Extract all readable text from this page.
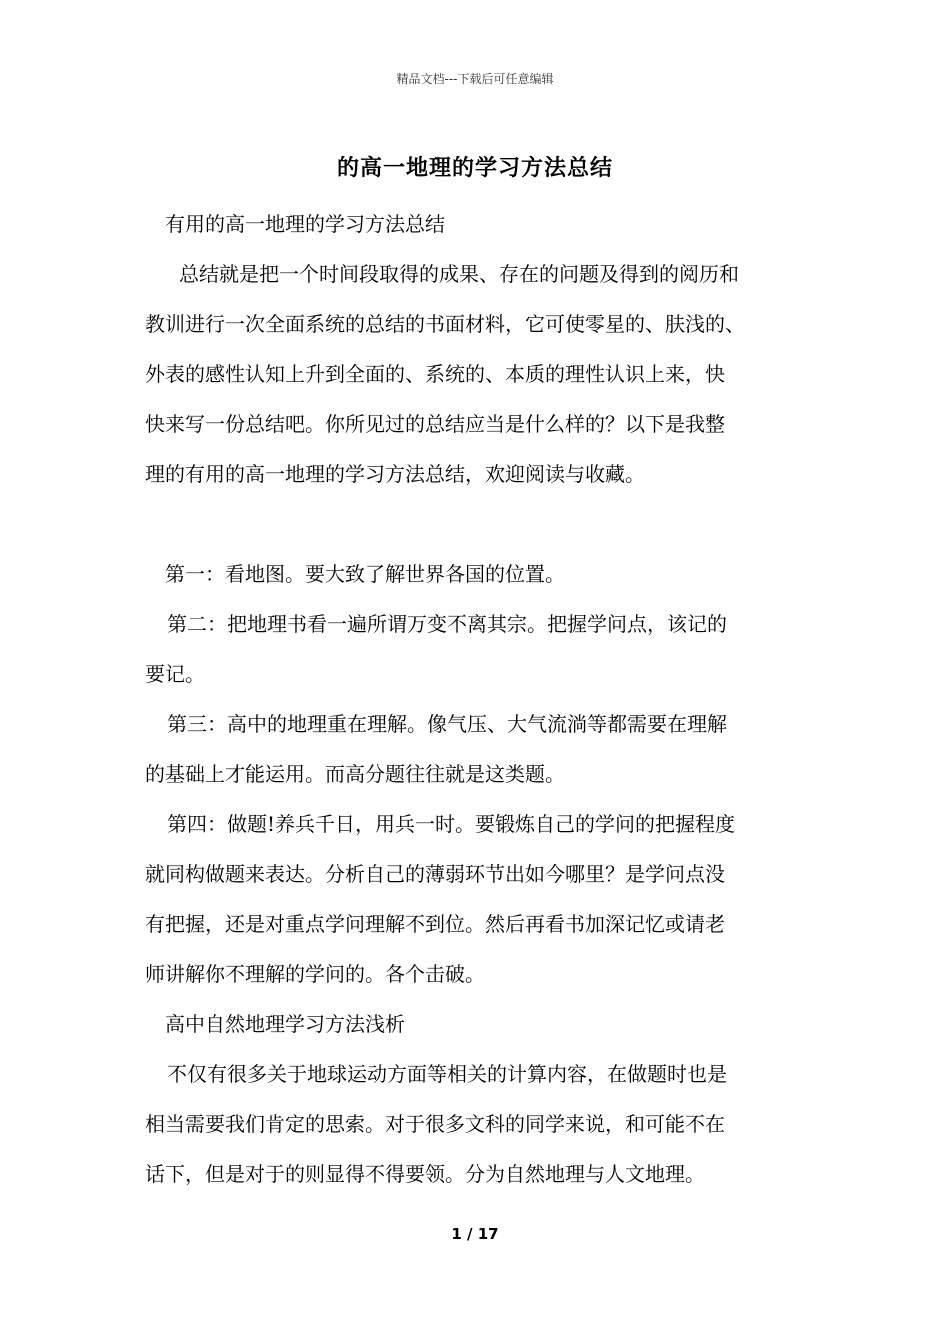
精品文档---下载后可任意编辑
的高一地理的学习方法总结
有用的高一地理的学习方法总结
总结就是把一个时间段取得的成果、存在的问题及得到的阅历和
教训进行一次全面系统的总结的书面材料，它可使零星的、肤浅的、
外表的感性认知上升到全面的、系统的、本质的理性认识上来，快
快来写一份总结吧。你所见过的总结应当是什么样的？以下是我整
理的有用的高一地理的学习方法总结，欢迎阅读与收藏。
第一：看地图。要大致了解世界各国的位置。
第二：把地理书看一遍所谓万变不离其宗。把握学问点，该记的
要记。
第三：高中的地理重在理解。像气压、大气流淌等都需要在理解
的基础上才能运用。而高分题往往就是这类题。
第四：做题!养兵千日，用兵一时。要锻炼自己的学问的把握程度
就同构做题来表达。分析自己的薄弱环节出如今哪里？是学问点没
有把握，还是对重点学问理解不到位。然后再看书加深记忆或请老
师讲解你不理解的学问的。各个击破。
高中自然地理学习方法浅析
不仅有很多关于地球运动方面等相关的计算内容，在做题时也是
相当需要我们肯定的思索。对于很多文科的同学来说，和可能不在
话下，但是对于的则显得不得要领。分为自然地理与人文地理。
1 / 17
